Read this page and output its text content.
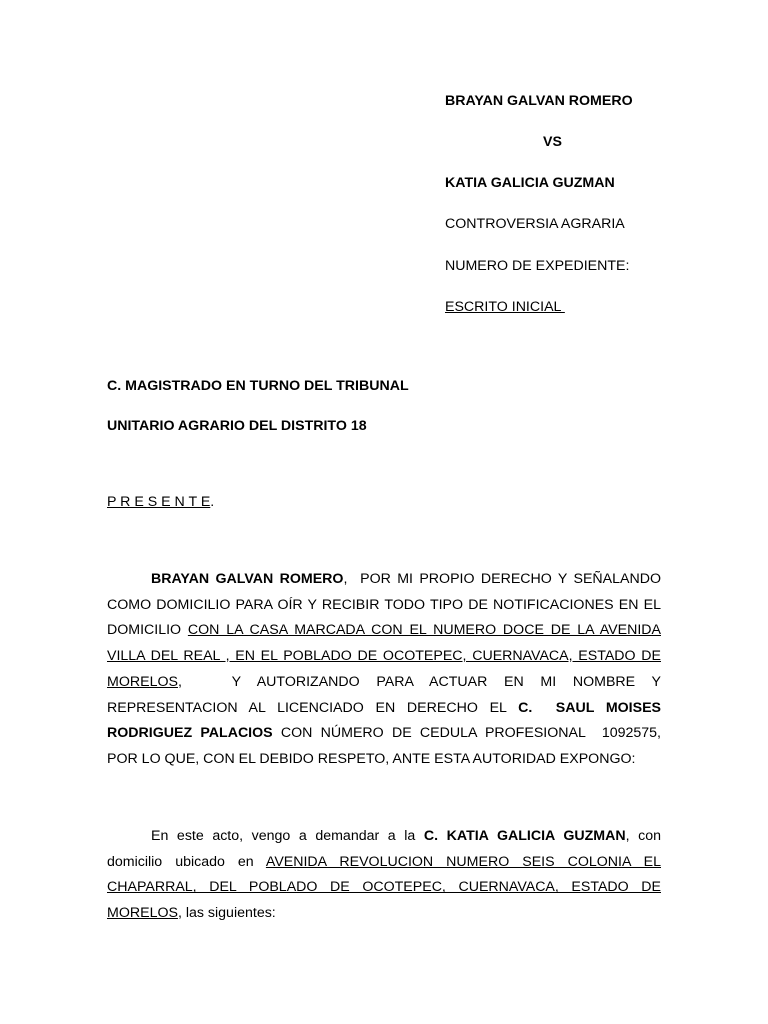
BRAYAN GALVAN ROMERO
VS
KATIA GALICIA GUZMAN
CONTROVERSIA AGRARIA
NUMERO DE EXPEDIENTE:
ESCRITO INICIAL
C. MAGISTRADO EN TURNO DEL TRIBUNAL
UNITARIO AGRARIO DEL DISTRITO 18
P R E S E N T E.

BRAYAN GALVAN ROMERO,  POR MI PROPIO DERECHO Y SEÑALANDO COMO DOMICILIO PARA OÍR Y RECIBIR TODO TIPO DE NOTIFICACIONES EN EL DOMICILIO CON LA CASA MARCADA CON EL NUMERO DOCE DE LA AVENIDA VILLA DEL REAL , EN EL POBLADO DE OCOTEPEC, CUERNAVACA, ESTADO DE MORELOS,   Y AUTORIZANDO PARA ACTUAR EN MI NOMBRE Y REPRESENTACION AL LICENCIADO EN DERECHO EL C.  SAUL MOISES RODRIGUEZ PALACIOS CON NÚMERO DE CEDULA PROFESIONAL  1092575, POR LO QUE, CON EL DEBIDO RESPETO, ANTE ESTA AUTORIDAD EXPONGO:

En este acto, vengo a demandar a la C. KATIA GALICIA GUZMAN, con domicilio ubicado en AVENIDA REVOLUCION NUMERO SEIS COLONIA EL CHAPARRAL, DEL POBLADO DE OCOTEPEC, CUERNAVACA, ESTADO DE MORELOS, las siguientes:
